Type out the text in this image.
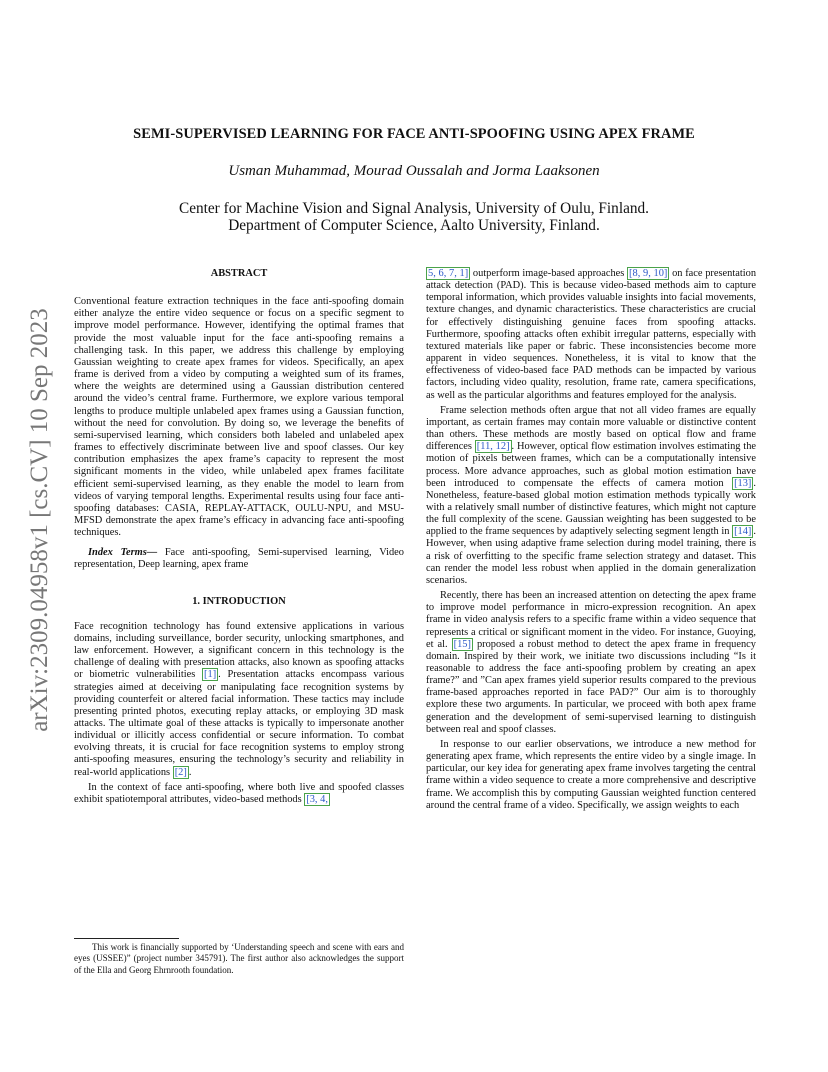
arXiv:2309.04958v1 [cs.CV] 10 Sep 2023
SEMI-SUPERVISED LEARNING FOR FACE ANTI-SPOOFING USING APEX FRAME
Usman Muhammad, Mourad Oussalah and Jorma Laaksonen
Center for Machine Vision and Signal Analysis, University of Oulu, Finland.
Department of Computer Science, Aalto University, Finland.

ABSTRACT

Conventional feature extraction techniques in the face anti-spoofing domain either analyze the entire video sequence or focus on a specific segment to improve model performance. However, identifying the optimal frames that provide the most valuable input for the face anti-spoofing remains a challenging task. In this paper, we address this challenge by employing Gaussian weighting to create apex frames for videos. Specifically, an apex frame is derived from a video by computing a weighted sum of its frames, where the weights are determined using a Gaussian distribution centered around the video’s central frame. Furthermore, we explore various temporal lengths to produce multiple unlabeled apex frames using a Gaussian function, without the need for convolution. By doing so, we leverage the benefits of semi-supervised learning, which considers both labeled and unlabeled apex frames to effectively discriminate between live and spoof classes. Our key contribution emphasizes the apex frame’s capacity to represent the most significant moments in the video, while unlabeled apex frames facilitate efficient semi-supervised learning, as they enable the model to learn from videos of varying temporal lengths. Experimental results using four face anti-spoofing databases: CASIA, REPLAY-ATTACK, OULU-NPU, and MSU-MFSD demonstrate the apex frame’s efficacy in advancing face anti-spoofing techniques.

Index Terms— Face anti-spoofing, Semi-supervised learning, Video representation, Deep learning, apex frame

1. INTRODUCTION

Face recognition technology has found extensive applications in various domains, including surveillance, border security, unlocking smartphones, and law enforcement. However, a significant concern in this technology is the challenge of dealing with presentation attacks, also known as spoofing attacks or biometric vulnerabilities [1] . Presentation attacks encompass various strategies aimed at deceiving or manipulating face recognition systems by providing counterfeit or altered facial information. These tactics may include presenting printed photos, executing replay attacks, or employing 3D mask attacks. The ultimate goal of these attacks is typically to impersonate another individual or illicitly access confidential or secure information. To combat evolving threats, it is crucial for face recognition systems to employ strong anti-spoofing measures, ensuring the technology’s security and reliability in real-world applications [2] .

In the context of face anti-spoofing, where both live and spoofed classes exhibit spatiotemporal attributes, video-based methods [3, 4,

This work is financially supported by ‘Understanding speech and scene with ears and eyes (USSEE)” (project number 345791). The first author also acknowledges the support of the Ella and Georg Ehrnrooth foundation.

5, 6, 7, 1] outperform image-based approaches [8, 9, 10] on face presentation attack detection (PAD). This is because video-based methods aim to capture temporal information, which provides valuable insights into facial movements, texture changes, and dynamic characteristics. These characteristics are crucial for effectively distinguishing genuine faces from spoofing attacks. Furthermore, spoofing attacks often exhibit irregular patterns, especially with textured materials like paper or fabric. These inconsistencies become more apparent in video sequences. Nonetheless, it is vital to know that the effectiveness of video-based face PAD methods can be impacted by various factors, including video quality, resolution, frame rate, camera specifications, as well as the particular algorithms and features employed for the analysis.

Frame selection methods often argue that not all video frames are equally important, as certain frames may contain more valuable or distinctive content than others. These methods are mostly based on optical flow and frame differences [11, 12] . However, optical flow estimation involves estimating the motion of pixels between frames, which can be a computationally intensive process. More advance approaches, such as global motion estimation have been introduced to compensate the effects of camera motion [13] . Nonetheless, feature-based global motion estimation methods typically work with a relatively small number of distinctive features, which might not capture the full complexity of the scene. Gaussian weighting has been suggested to be applied to the frame sequences by adaptively selecting segment length in [14] . However, when using adaptive frame selection during model training, there is a risk of overfitting to the specific frame selection strategy and dataset. This can render the model less robust when applied in the domain generalization scenarios.

Recently, there has been an increased attention on detecting the apex frame to improve model performance in micro-expression recognition. An apex frame in video analysis refers to a specific frame within a video sequence that represents a critical or significant moment in the video. For instance, Guoying, et al. [15] proposed a robust method to detect the apex frame in frequency domain. Inspired by their work, we initiate two discussions including “Is it reasonable to address the face anti-spoofing problem by creating an apex frame?” and ”Can apex frames yield superior results compared to the previous frame-based approaches reported in face PAD?” Our aim is to thoroughly explore these two arguments. In particular, we proceed with both apex frame generation and the development of semi-supervised learning to distinguish between real and spoof classes.

In response to our earlier observations, we introduce a new method for generating apex frame, which represents the entire video by a single image. In particular, our key idea for generating apex frame involves targeting the central frame within a video sequence to create a more comprehensive and descriptive frame. We accomplish this by computing Gaussian weighted function centered around the central frame of a video. Specifically, we assign weights to each
